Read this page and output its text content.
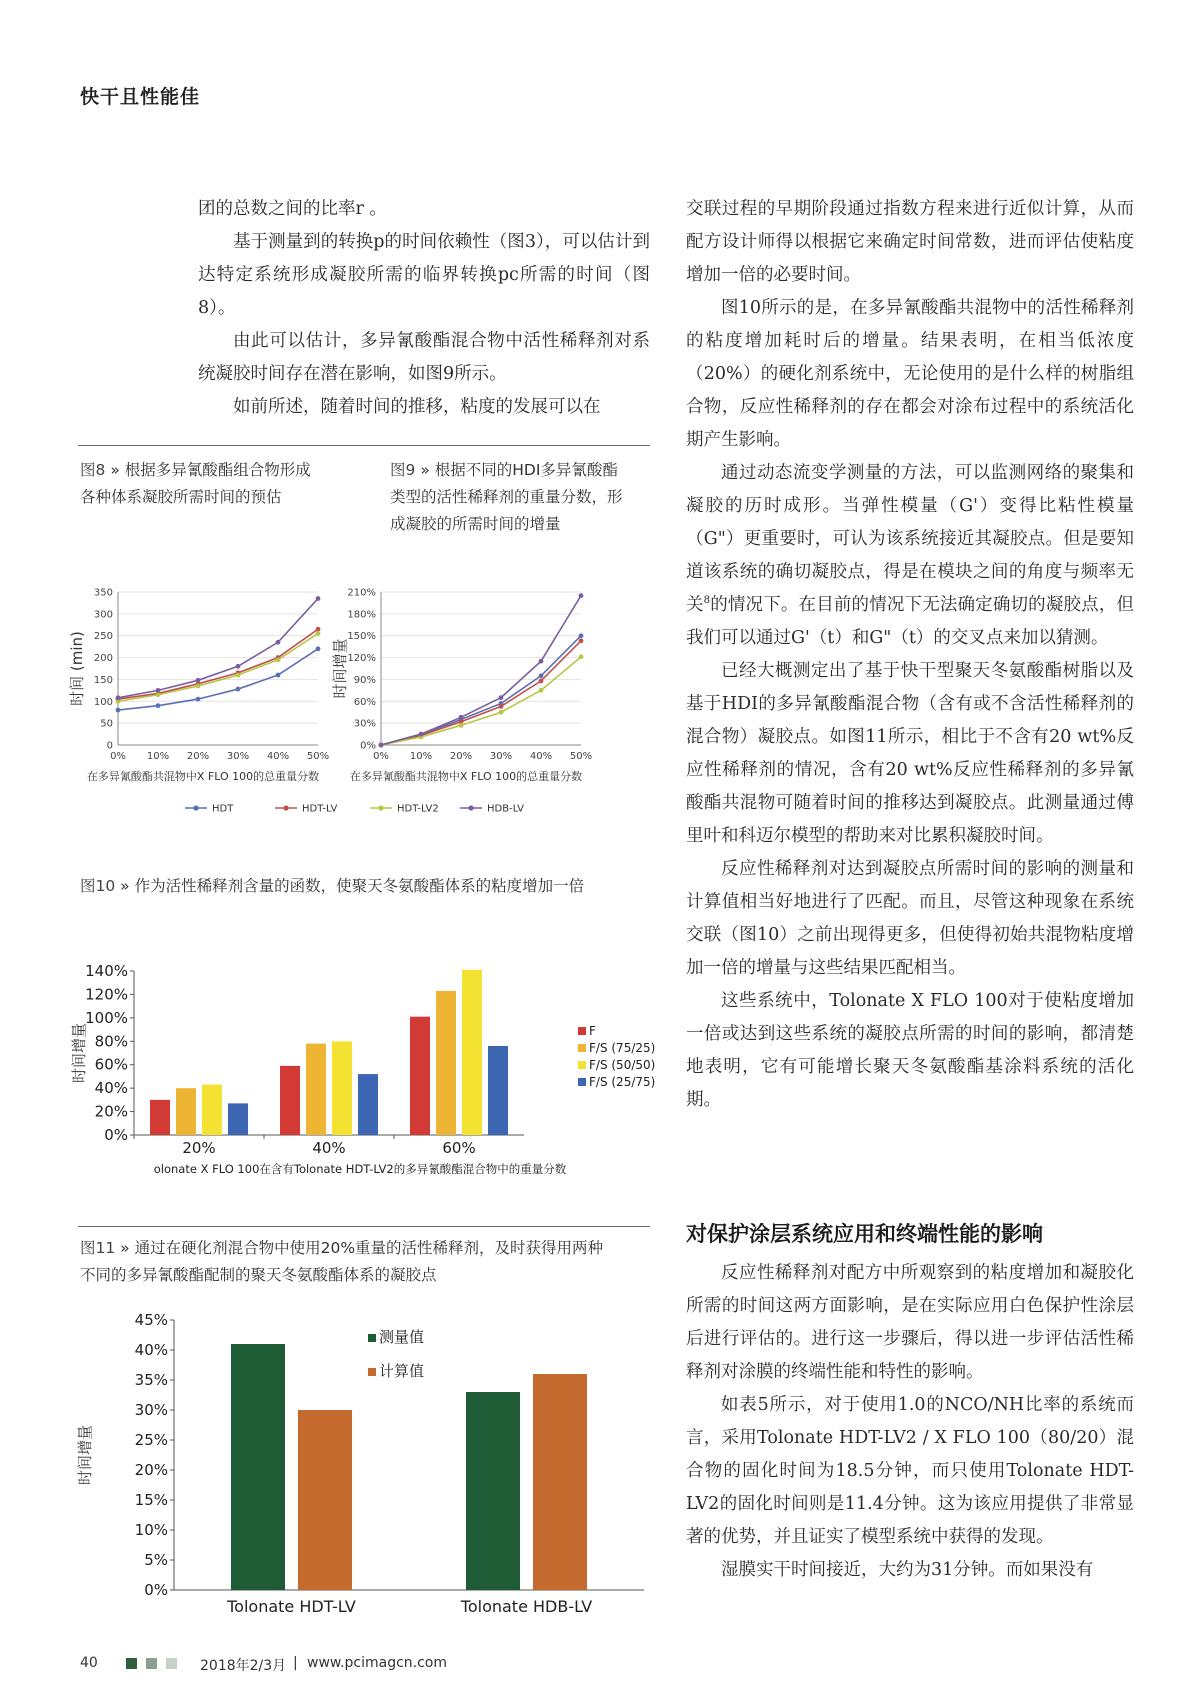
快干且性能佳

团的总数之间的比率r 。

基于测量到的转换p的时间依赖性（图3），可以估计到达特定系统形成凝胶所需的临界转换pc所需的时间（图8）。

由此可以估计，多异氰酸酯混合物中活性稀释剂对系统凝胶时间存在潜在影响，如图9所示。

如前所述，随着时间的推移，粘度的发展可以在

交联过程的早期阶段通过指数方程来进行近似计算，从而配方设计师得以根据它来确定时间常数，进而评估使粘度增加一倍的必要时间。

图10所示的是，在多异氰酸酯共混物中的活性稀释剂的粘度增加耗时后的增量。结果表明，在相当低浓度（20%）的硬化剂系统中，无论使用的是什么样的树脂组合物，反应性稀释剂的存在都会对涂布过程中的系统活化期产生影响。

通过动态流变学测量的方法，可以监测网络的聚集和凝胶的历时成形。当弹性模量（G'）变得比粘性模量（G"）更重要时，可认为该系统接近其凝胶点。但是要知道该系统的确切凝胶点，得是在模块之间的角度与频率无关$^8$的情况下。在目前的情况下无法确定确切的凝胶点，但我们可以通过G'（t）和G"（t）的交叉点来加以猜测。

已经大概测定出了基于快干型聚天冬氨酸酯树脂以及基于HDI的多异氰酸酯混合物（含有或不含活性稀释剂的混合物）凝胶点。如图11所示，相比于不含有20 wt%反应性稀释剂的情况，含有20 wt%反应性稀释剂的多异氰酸酯共混物可随着时间的推移达到凝胶点。此测量通过傅里叶和科迈尔模型的帮助来对比累积凝胶时间。

反应性稀释剂对达到凝胶点所需时间的影响的测量和计算值相当好地进行了匹配。而且，尽管这种现象在系统交联（图10）之前出现得更多，但使得初始共混物粘度增加一倍的增量与这些结果匹配相当。

这些系统中，Tolonate X FLO 100对于使粘度增加一倍或达到这些系统的凝胶点所需的时间的影响，都清楚地表明，它有可能增长聚天冬氨酸酯基涂料系统的活化期。

对保护涂层系统应用和终端性能的影响

反应性稀释剂对配方中所观察到的粘度增加和凝胶化所需的时间这两方面影响，是在实际应用白色保护性涂层后进行评估的。进行这一步骤后，得以进一步评估活性稀释剂对涂膜的终端性能和特性的影响。

如表5所示，对于使用1.0的NCO/NH比率的系统而言，采用Tolonate HDT-LV2 / X FLO 100（80/20）混合物的固化时间为18.5分钟，而只使用Tolonate HDT- LV2的固化时间则是11.4分钟。这为该应用提供了非常显著的优势，并且证实了模型系统中获得的发现。

湿膜实干时间接近，大约为31分钟。而如果没有

图8 » 根据多异氰酸酯组合物形成
各种体系凝胶所需时间的预估
图9 » 根据不同的HDI多异氰酸酯
类型的活性稀释剂的重量分数，形
成凝胶的所需时间的增量
0
50
100
150
200
250
300
350
0% 10% 20% 30% 40% 50%
时间 (min)
在多异氰酸酯共混物中X FLO 100的总重量分数
0%
30%
60%
90%
120%
150%
180%
210%
0% 10% 20% 30% 40% 50%
时间增量
在多异氰酸酯共混物中X FLO 100的总重量分数
HDT	HDT-LV	HDT-LV2	HDB-LV
图10 » 作为活性稀释剂含量的函数，使聚天冬氨酸酯体系的粘度增加一倍
0%
20%
40%
60%
80%
100%
120%
140%
时间增量
20%	40%	60%
olonate X FLO 100在含有Tolonate HDT-LV2的多异氰酸酯混合物中的重量分数
F
F/S (75/25)
F/S (50/50)
F/S (25/75)
图11 » 通过在硬化剂混合物中使用20%重量的活性稀释剂，及时获得用两种
不同的多异氰酸酯配制的聚天冬氨酸酯体系的凝胶点
0%
5%
10%
15%
20%
25%
30%
35%
40%
45%
时间增量
Tolonate HDT-LV	Tolonate HDB-LV
测量值
计算值
40	2018年2/3月 | www.pcimagcn.com
